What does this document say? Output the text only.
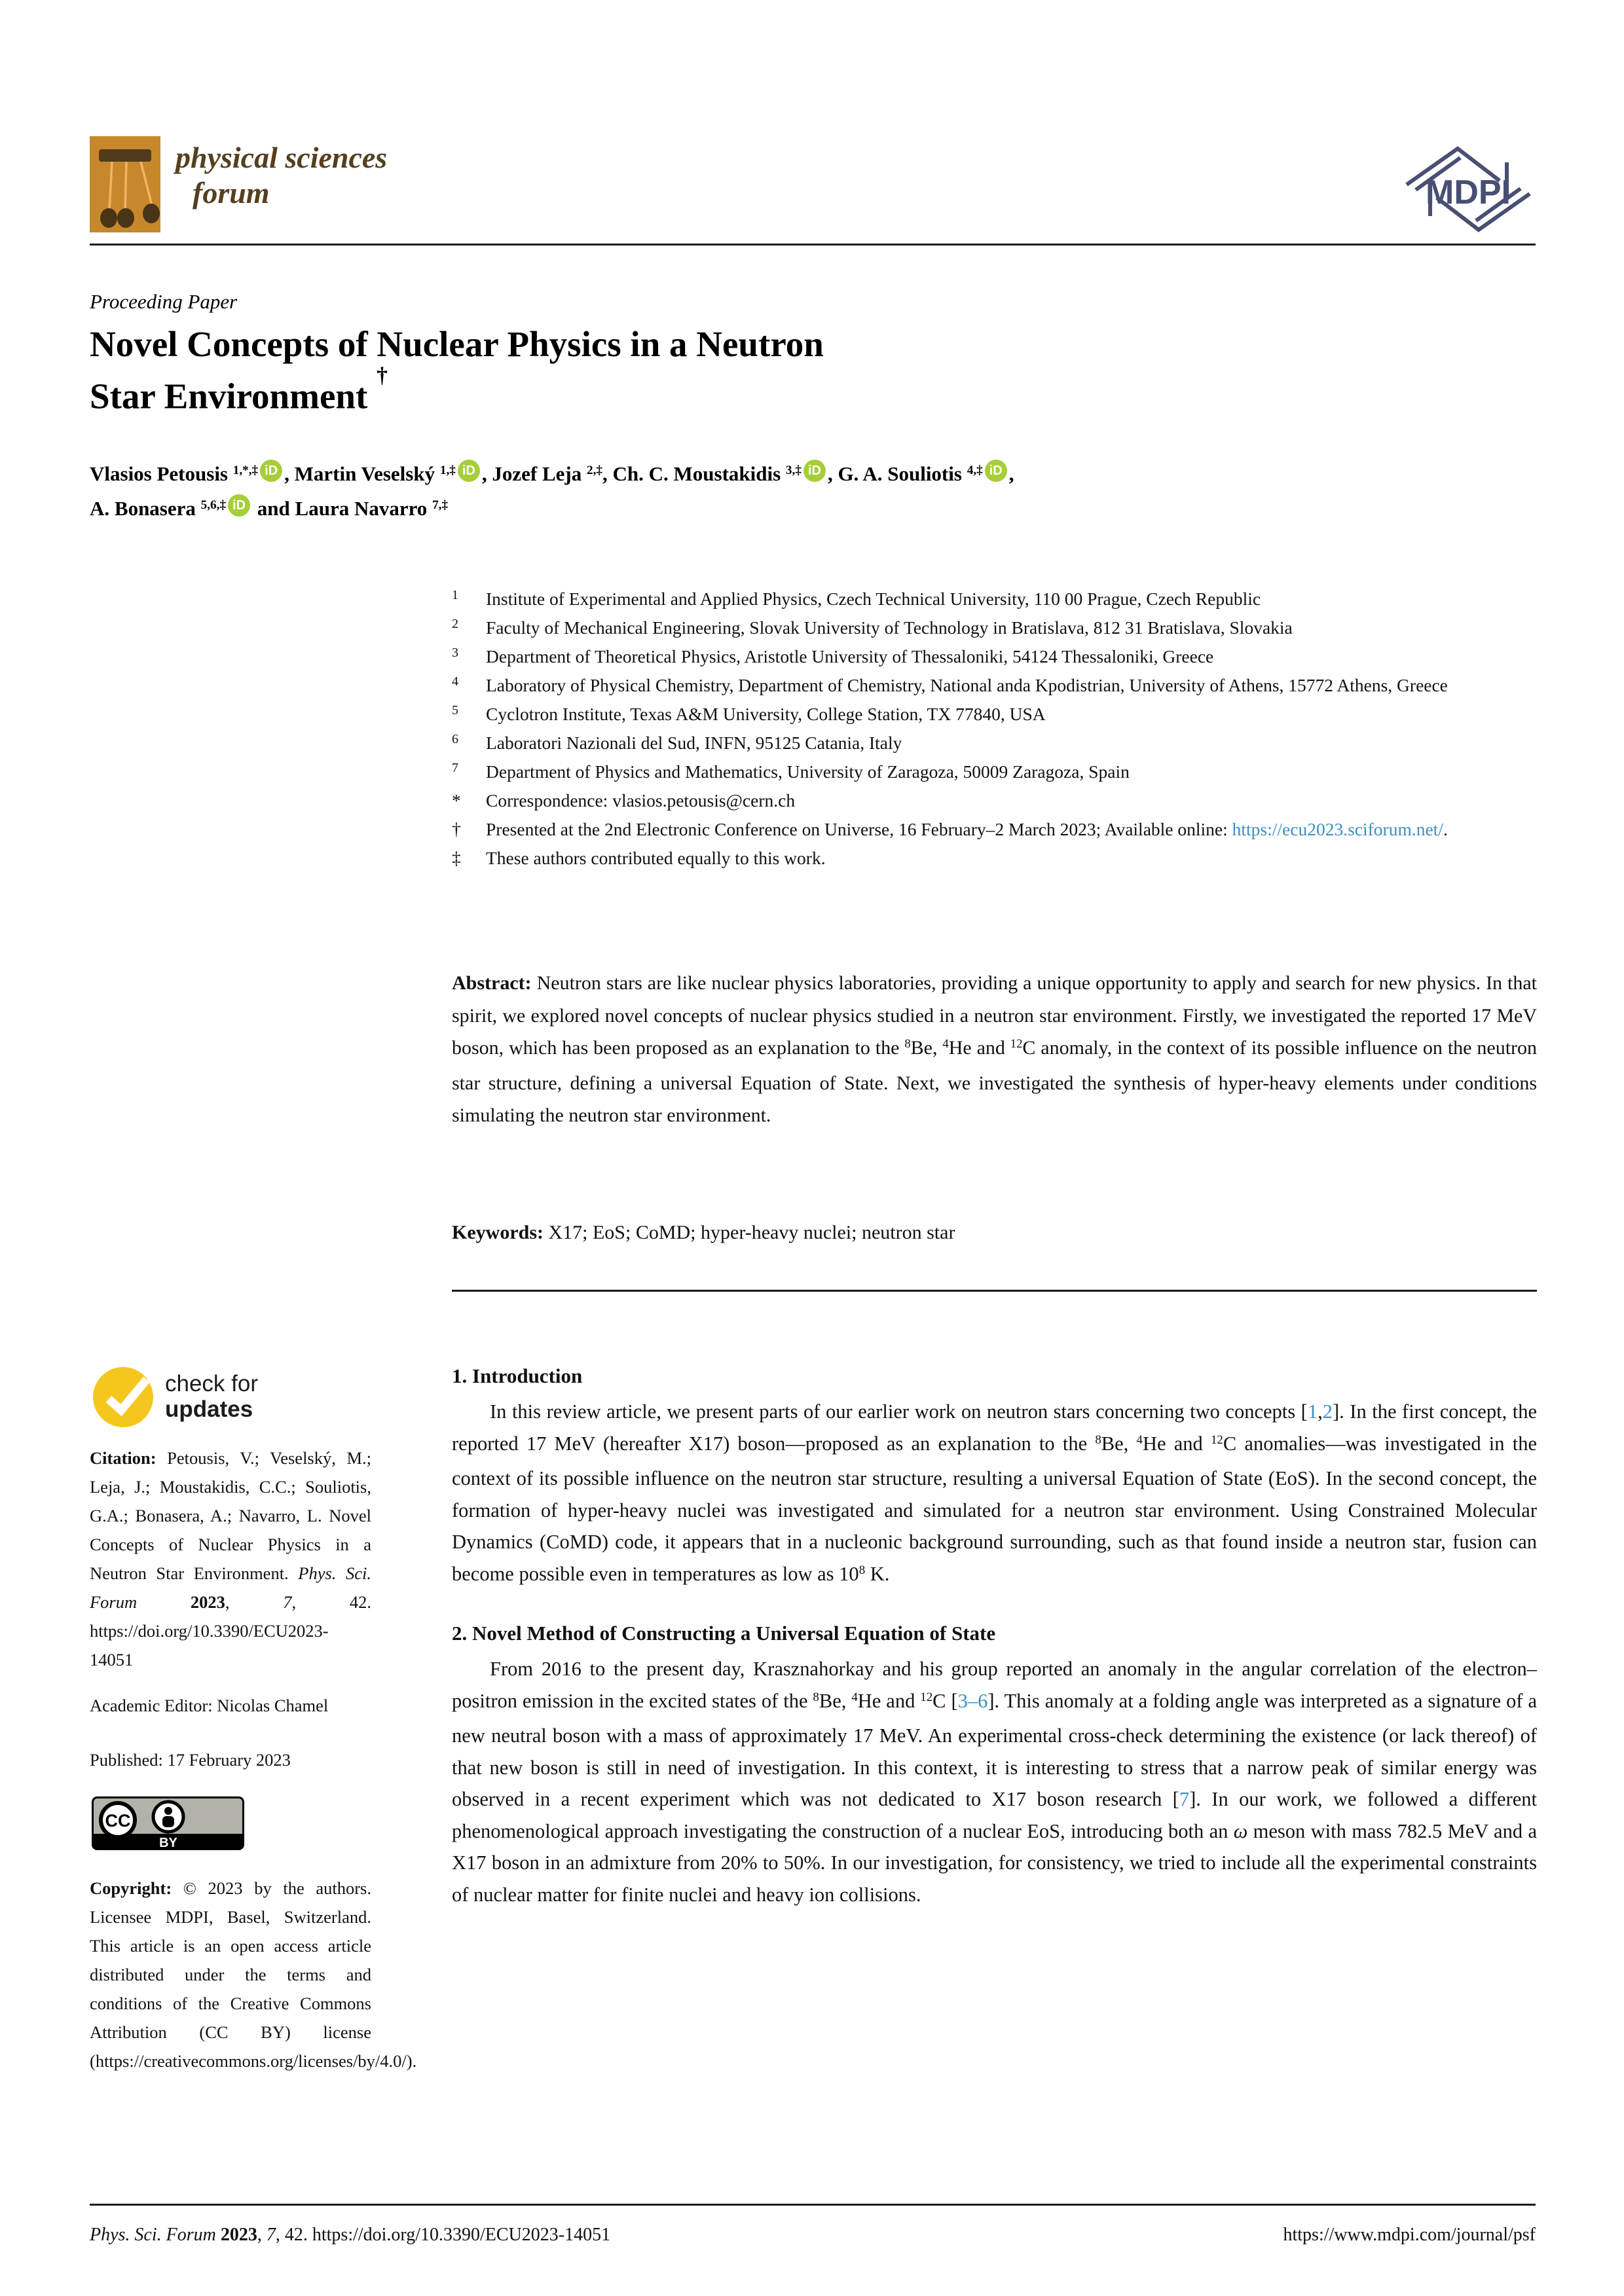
physical sciences
forum	MDPI
Proceeding Paper
Novel Concepts of Nuclear Physics in a Neutron
Star Environment †
Vlasios Petousis $^{1,*,\ddagger}$ iD , Martin Veselský $^{1,\ddagger}$ iD , Jozef Leja $^{2,\ddagger}$, Ch. C. Moustakidis $^{3,\ddagger}$ iD , G. A. Souliotis $^{4,\ddagger}$ iD ,
A. Bonasera $^{5,6,\ddagger}$ iD and Laura Navarro $^{7,\ddagger}$
1	Institute of Experimental and Applied Physics, Czech Technical University, 110 00 Prague, Czech Republic
2	Faculty of Mechanical Engineering, Slovak University of Technology in Bratislava, 812 31 Bratislava, Slovakia
3	Department of Theoretical Physics, Aristotle University of Thessaloniki, 54124 Thessaloniki, Greece
4	Laboratory of Physical Chemistry, Department of Chemistry, National anda Kpodistrian, University of Athens, 15772 Athens, Greece
5	Cyclotron Institute, Texas A&M University, College Station, TX 77840, USA
6	Laboratori Nazionali del Sud, INFN, 95125 Catania, Italy
7	Department of Physics and Mathematics, University of Zaragoza, 50009 Zaragoza, Spain
*	Correspondence: vlasios.petousis@cern.ch
†	Presented at the 2nd Electronic Conference on Universe, 16 February–2 March 2023; Available online: https://ecu2023.sciforum.net/.
‡	These authors contributed equally to this work.
Abstract: Neutron stars are like nuclear physics laboratories, providing a unique opportunity to apply and search for new physics. In that spirit, we explored novel concepts of nuclear physics studied in a neutron star environment. Firstly, we investigated the reported 17 MeV boson, which has been proposed as an explanation to the $^8$Be, $^4$He and $^{12}$C anomaly, in the context of its possible influence on the neutron star structure, defining a universal Equation of State. Next, we investigated the synthesis of hyper-heavy elements under conditions simulating the neutron star environment.
Keywords: X17; EoS; CoMD; hyper-heavy nuclei; neutron star
check for
updates
Citation: Petousis, V.; Veselský, M.; Leja, J.; Moustakidis, C.C.; Souliotis, G.A.; Bonasera, A.; Navarro, L. Novel Concepts of Nuclear Physics in a Neutron Star Environment. Phys. Sci. Forum 2023, 7, 42. https://doi.org/10.3390/ECU2023-14051
Academic Editor: Nicolas Chamel
Published: 17 February 2023
CC
BY
Copyright: © 2023 by the authors. Licensee MDPI, Basel, Switzerland. This article is an open access article distributed under the terms and conditions of the Creative Commons Attribution (CC BY) license (https://creativecommons.org/licenses/by/4.0/).
1. Introduction

In this review article, we present parts of our earlier work on neutron stars concerning two concepts [1,2]. In the first concept, the reported 17 MeV (hereafter X17) boson—proposed as an explanation to the $^8$Be, $^4$He and $^{12}$C anomalies—was investigated in the context of its possible influence on the neutron star structure, resulting a universal Equation of State (EoS). In the second concept, the formation of hyper-heavy nuclei was investigated and simulated for a neutron star environment. Using Constrained Molecular Dynamics (CoMD) code, it appears that in a nucleonic background surrounding, such as that found inside a neutron star, fusion can become possible even in temperatures as low as $10^8$ K.

2. Novel Method of Constructing a Universal Equation of State

From 2016 to the present day, Krasznahorkay and his group reported an anomaly in the angular correlation of the electron–positron emission in the excited states of the $^8$Be, $^4$He and $^{12}$C [3–6]. This anomaly at a folding angle was interpreted as a signature of a new neutral boson with a mass of approximately 17 MeV. An experimental cross-check determining the existence (or lack thereof) of that new boson is still in need of investigation. In this context, it is interesting to stress that a narrow peak of similar energy was observed in a recent experiment which was not dedicated to X17 boson research [7]. In our work, we followed a different phenomenological approach investigating the construction of a nuclear EoS, introducing both an ω meson with mass 782.5 MeV and a X17 boson in an admixture from 20% to 50%. In our investigation, for consistency, we tried to include all the experimental constraints of nuclear matter for finite nuclei and heavy ion collisions.

Phys. Sci. Forum 2023, 7, 42. https://doi.org/10.3390/ECU2023-14051	https://www.mdpi.com/journal/psf
